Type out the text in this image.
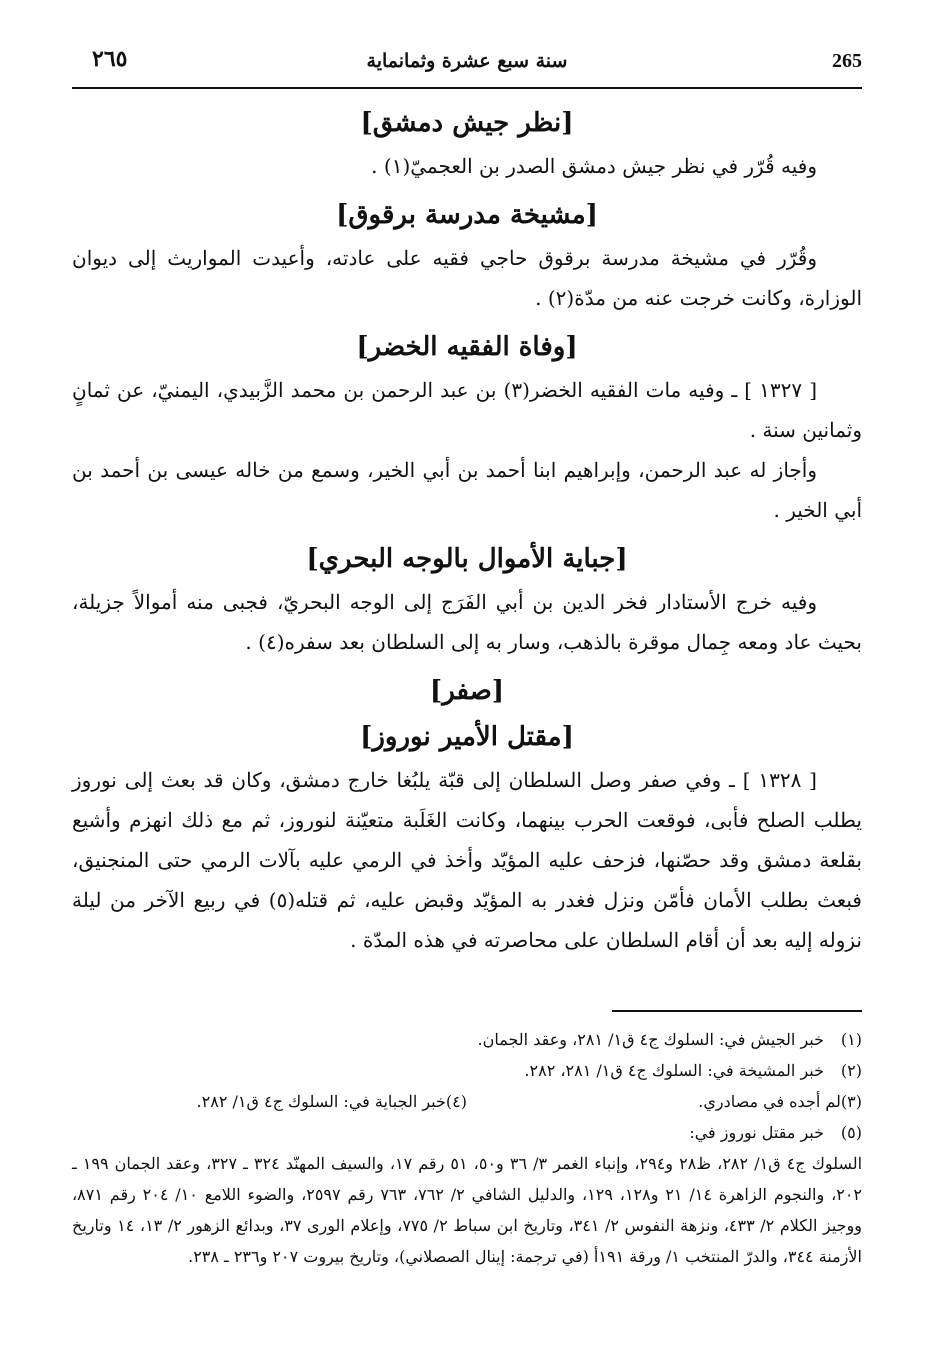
٢٦٥	سنة سبع عشرة وثمانماية	265
[نظر جيش دمشق]

وفيه قُرّر في نظر جيش دمشق الصدر بن العجميّ(١) .

[مشيخة مدرسة برقوق]

وقُرّر في مشيخة مدرسة برقوق حاجي فقيه على عادته، وأعيدت المواريث إلى ديوان الوزارة، وكانت خرجت عنه من مدّة(٢) .

[وفاة الفقيه الخضر]

[ ١٣٢٧ ] ـ وفيه مات الفقيه الخضر(٣) بن عبد الرحمن بن محمد الزَّبيدي، اليمنيّ، عن ثمانٍ وثمانين سنة .

وأجاز له عبد الرحمن، وإبراهيم ابنا أحمد بن أبي الخير، وسمع من خاله عيسى بن أحمد بن أبي الخير .

[جباية الأموال بالوجه البحري]

وفيه خرج الأستادار فخر الدين بن أبي الفَرَج إلى الوجه البحريّ، فجبى منه أموالاً جزيلة، بحيث عاد ومعه جِمال موقرة بالذهب، وسار به إلى السلطان بعد سفره(٤) .

[صفر]
[مقتل الأمير نوروز]

[ ١٣٢٨ ] ـ وفي صفر وصل السلطان إلى قبّة يلبُغا خارج دمشق، وكان قد بعث إلى نوروز يطلب الصلح فأبى، فوقعت الحرب بينهما، وكانت الغَلَبة متعيّنة لنوروز، ثم مع ذلك انهزم وأشيع بقلعة دمشق وقد حصّنها، فزحف عليه المؤيّد وأخذ في الرمي عليه بآلات الرمي حتى المنجنيق، فبعث بطلب الأمان فأمّن ونزل فغدر به المؤيّد وقبض عليه، ثم قتله(٥) في ربيع الآخر من ليلة نزوله إليه بعد أن أقام السلطان على محاصرته في هذه المدّة .

(١)
خبر الجيش في: السلوك ج٤ ق١/ ٢٨١، وعقد الجمان.
(٢)
خبر المشيخة في: السلوك ج٤ ق١/ ٢٨١، ٢٨٢.
(٣)
لم أجده في مصادري.
(٤)
خبر الجباية في: السلوك ج٤ ق١/ ٢٨٢.
(٥)
خبر مقتل نوروز في:
السلوك ج٤ ق١/ ٢٨٢، ظ٢٨ و٢٩٤، وإنباء الغمر ٣/ ٣٦ و٥٠، ٥١ رقم ١٧، والسيف المهنّد ٣٢٤ ـ ٣٢٧، وعقد الجمان ١٩٩ ـ ٢٠٢، والنجوم الزاهرة ١٤/ ٢١ و١٢٨، ١٢٩، والدليل الشافي ٢/ ٧٦٢، ٧٦٣ رقم ٢٥٩٧، والضوء اللامع ١٠/ ٢٠٤ رقم ٨٧١، ووجيز الكلام ٢/ ٤٣٣، ونزهة النفوس ٢/ ٣٤١، وتاريخ ابن سباط ٢/ ٧٧٥، وإعلام الورى ٣٧، وبدائع الزهور ٢/ ١٣، ١٤ وتاريخ الأزمنة ٣٤٤، والدرّ المنتخب ١/ ورقة ١٩١أ (في ترجمة: إينال الصصلاني)، وتاريخ بيروت ٢٠٧ و٢٣٦ ـ ٢٣٨.
